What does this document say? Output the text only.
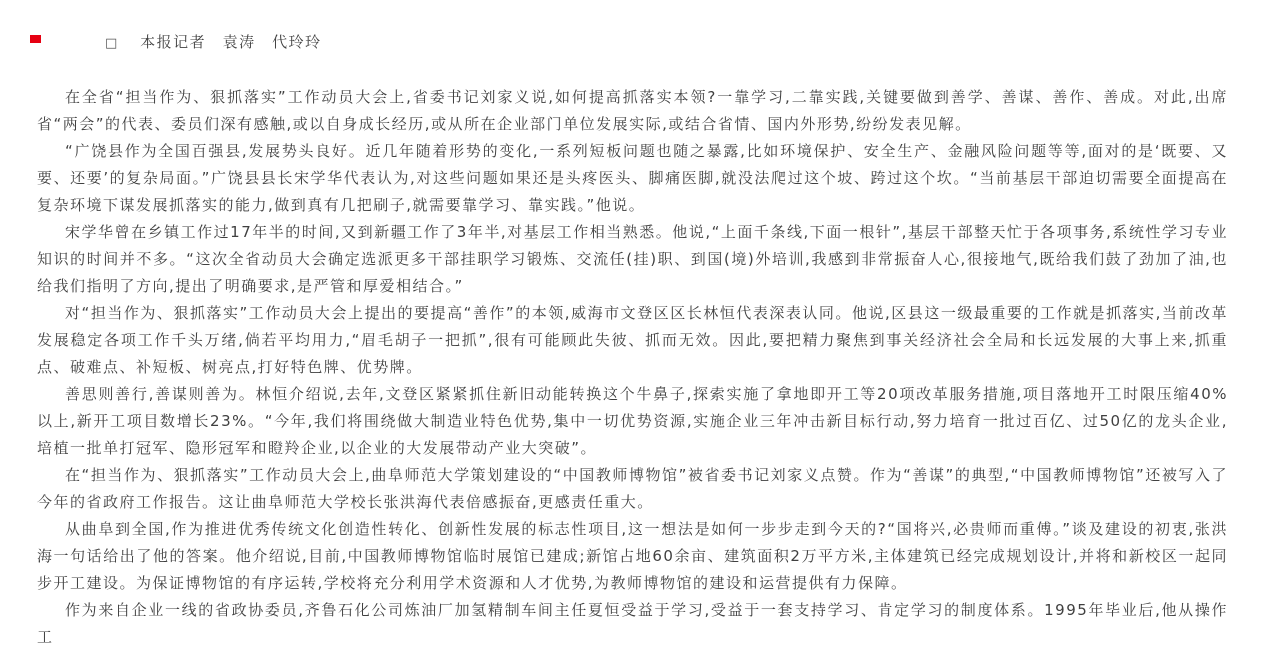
□ 本报记者　袁涛　代玲玲

在全省“担当作为、狠抓落实”工作动员大会上,省委书记刘家义说,如何提高抓落实本领?一靠学习,二靠实践,关键要做到善学、善谋、善作、善成。对此,出席省“两会”的代表、委员们深有感触,或以自身成长经历,或从所在企业部门单位发展实际,或结合省情、国内外形势,纷纷发表见解。

“广饶县作为全国百强县,发展势头良好。近几年随着形势的变化,一系列短板问题也随之暴露,比如环境保护、安全生产、金融风险问题等等,面对的是‘既要、又要、还要’的复杂局面。”广饶县县长宋学华代表认为,对这些问题如果还是头疼医头、脚痛医脚,就没法爬过这个坡、跨过这个坎。“当前基层干部迫切需要全面提高在复杂环境下谋发展抓落实的能力,做到真有几把刷子,就需要靠学习、靠实践。”他说。

宋学华曾在乡镇工作过17年半的时间,又到新疆工作了3年半,对基层工作相当熟悉。他说,“上面千条线,下面一根针”,基层干部整天忙于各项事务,系统性学习专业知识的时间并不多。“这次全省动员大会确定选派更多干部挂职学习锻炼、交流任(挂)职、到国(境)外培训,我感到非常振奋人心,很接地气,既给我们鼓了劲加了油,也给我们指明了方向,提出了明确要求,是严管和厚爱相结合。”

对“担当作为、狠抓落实”工作动员大会上提出的要提高“善作”的本领,威海市文登区区长林恒代表深表认同。他说,区县这一级最重要的工作就是抓落实,当前改革发展稳定各项工作千头万绪,倘若平均用力,“眉毛胡子一把抓”,很有可能顾此失彼、抓而无效。因此,要把精力聚焦到事关经济社会全局和长远发展的大事上来,抓重点、破难点、补短板、树亮点,打好特色牌、优势牌。

善思则善行,善谋则善为。林恒介绍说,去年,文登区紧紧抓住新旧动能转换这个牛鼻子,探索实施了拿地即开工等20项改革服务措施,项目落地开工时限压缩40%以上,新开工项目数增长23%。“今年,我们将围绕做大制造业特色优势,集中一切优势资源,实施企业三年冲击新目标行动,努力培育一批过百亿、过50亿的龙头企业,培植一批单打冠军、隐形冠军和瞪羚企业,以企业的大发展带动产业大突破”。

在“担当作为、狠抓落实”工作动员大会上,曲阜师范大学策划建设的“中国教师博物馆”被省委书记刘家义点赞。作为“善谋”的典型,“中国教师博物馆”还被写入了今年的省政府工作报告。这让曲阜师范大学校长张洪海代表倍感振奋,更感责任重大。

从曲阜到全国,作为推进优秀传统文化创造性转化、创新性发展的标志性项目,这一想法是如何一步步走到今天的?“国将兴,必贵师而重傅。”谈及建设的初衷,张洪海一句话给出了他的答案。他介绍说,目前,中国教师博物馆临时展馆已建成;新馆占地60余亩、建筑面积2万平方米,主体建筑已经完成规划设计,并将和新校区一起同步开工建设。为保证博物馆的有序运转,学校将充分利用学术资源和人才优势,为教师博物馆的建设和运营提供有力保障。

作为来自企业一线的省政协委员,齐鲁石化公司炼油厂加氢精制车间主任夏恒受益于学习,受益于一套支持学习、肯定学习的制度体系。1995年毕业后,他从操作工
